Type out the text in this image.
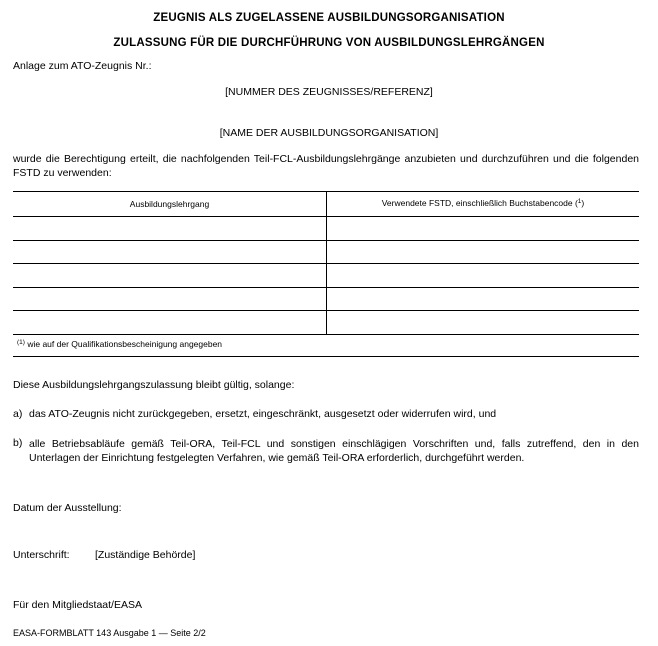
ZEUGNIS ALS ZUGELASSENE AUSBILDUNGSORGANISATION
ZULASSUNG FÜR DIE DURCHFÜHRUNG VON AUSBILDUNGSLEHRGÄNGEN
Anlage zum ATO-Zeugnis Nr.:
[NUMMER DES ZEUGNISSES/REFERENZ]
[NAME DER AUSBILDUNGSORGANISATION]
wurde die Berechtigung erteilt, die nachfolgenden Teil-FCL-Ausbildungslehrgänge anzubieten und durchzuführen und die folgenden FSTD zu verwenden:
Ausbildungslehrgang	Verwendete FSTD, einschließlich Buchstabencode ($^1$)
$^{(1)}$ wie auf der Qualifikationsbescheinigung angegeben
Diese Ausbildungslehrgangszulassung bleibt gültig, solange:
a) das ATO-Zeugnis nicht zurückgegeben, ersetzt, eingeschränkt, ausgesetzt oder widerrufen wird, und
b) alle Betriebsabläufe gemäß Teil-ORA, Teil-FCL und sonstigen einschlägigen Vorschriften und, falls zutreffend, den in den Unterlagen der Einrichtung festgelegten Verfahren, wie gemäß Teil-ORA erforderlich, durchgeführt werden.
Datum der Ausstellung:
Unterschrift: [Zuständige Behörde]
Für den Mitgliedstaat/EASA
EASA-FORMBLATT 143 Ausgabe 1 — Seite 2/2
